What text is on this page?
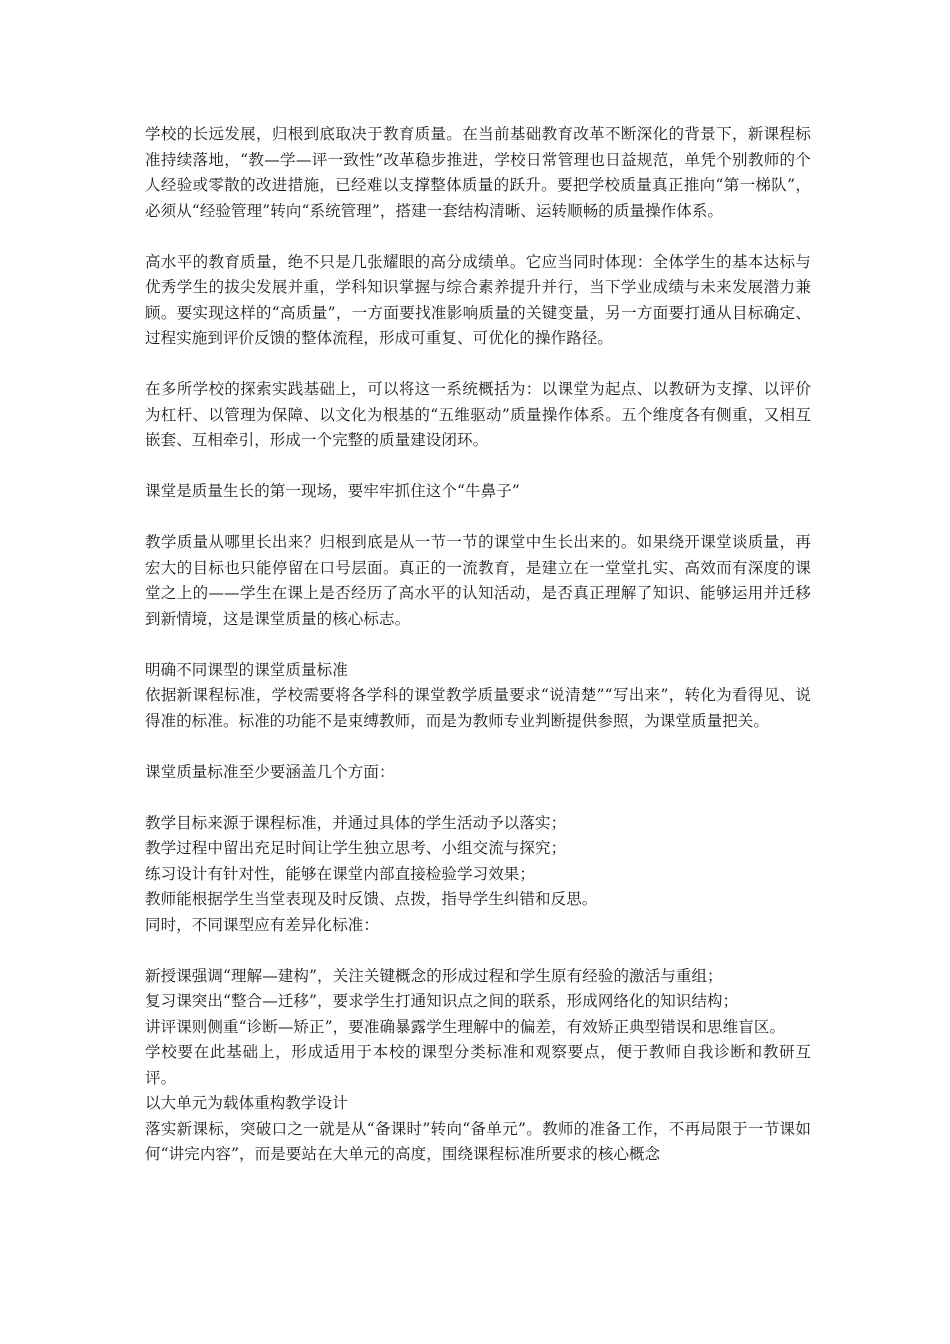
学校的长远发展，归根到底取决于教育质量。在当前基础教育改革不断深化的背景下，新课程标准持续落地，“教—学—评一致性”改革稳步推进，学校日常管理也日益规范，单凭个别教师的个人经验或零散的改进措施，已经难以支撑整体质量的跃升。要把学校质量真正推向“第一梯队”，必须从“经验管理”转向“系统管理”，搭建一套结构清晰、运转顺畅的质量操作体系。

高水平的教育质量，绝不只是几张耀眼的高分成绩单。它应当同时体现：全体学生的基本达标与优秀学生的拔尖发展并重，学科知识掌握与综合素养提升并行，当下学业成绩与未来发展潜力兼顾。要实现这样的“高质量”，一方面要找准影响质量的关键变量，另一方面要打通从目标确定、过程实施到评价反馈的整体流程，形成可重复、可优化的操作路径。

在多所学校的探索实践基础上，可以将这一系统概括为：以课堂为起点、以教研为支撑、以评价为杠杆、以管理为保障、以文化为根基的“五维驱动”质量操作体系。五个维度各有侧重，又相互嵌套、互相牵引，形成一个完整的质量建设闭环。

课堂是质量生长的第一现场，要牢牢抓住这个“牛鼻子”

教学质量从哪里长出来？归根到底是从一节一节的课堂中生长出来的。如果绕开课堂谈质量，再宏大的目标也只能停留在口号层面。真正的一流教育，是建立在一堂堂扎实、高效而有深度的课堂之上的——学生在课上是否经历了高水平的认知活动，是否真正理解了知识、能够运用并迁移到新情境，这是课堂质量的核心标志。

明确不同课型的课堂质量标准

依据新课程标准，学校需要将各学科的课堂教学质量要求“说清楚”“写出来”，转化为看得见、说得准的标准。标准的功能不是束缚教师，而是为教师专业判断提供参照，为课堂质量把关。

课堂质量标准至少要涵盖几个方面：

教学目标来源于课程标准，并通过具体的学生活动予以落实；

教学过程中留出充足时间让学生独立思考、小组交流与探究；

练习设计有针对性，能够在课堂内部直接检验学习效果；

教师能根据学生当堂表现及时反馈、点拨，指导学生纠错和反思。

同时，不同课型应有差异化标准：

新授课强调“理解—建构”，关注关键概念的形成过程和学生原有经验的激活与重组；

复习课突出“整合—迁移”，要求学生打通知识点之间的联系，形成网络化的知识结构；

讲评课则侧重“诊断—矫正”，要准确暴露学生理解中的偏差，有效矫正典型错误和思维盲区。

学校要在此基础上，形成适用于本校的课型分类标准和观察要点，便于教师自我诊断和教研互评。

以大单元为载体重构教学设计

落实新课标，突破口之一就是从“备课时”转向“备单元”。教师的准备工作，不再局限于一节课如何“讲完内容”，而是要站在大单元的高度，围绕课程标准所要求的核心概念
